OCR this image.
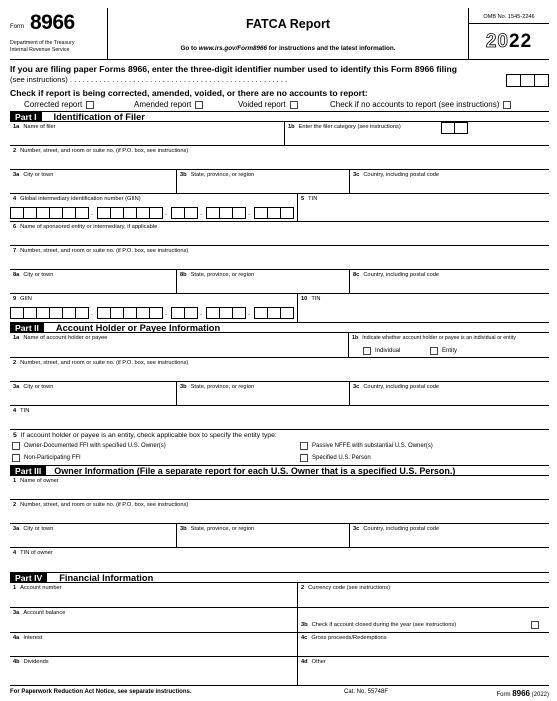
Form 8966
Department of the Treasury
Internal Revenue Service
FATCA Report
Go to www.irs.gov/Form8966 for instructions and the latest information.
OMB No. 1545-2246
2022
If you are filing paper Forms 8966, enter the three-digit identifier number used to identify this Form 8966 filing
(see instructions) . . . . . . . . . . . . . . . . . . . . . . . . . . . . . . . . . . . . . . . . . . . . . . . . . . . .
Check if report is being corrected, amended, voided, or there are no accounts to report:
Corrected report	Amended report	Voided report	Check if no accounts to report (see instructions)
Part I	Identification of Filer
1a Name of filer	1b Enter the filer category (see instructions)
2 Number, street, and room or suite no. (if P.O. box, see instructions)
3a City or town	3b State, province, or region	3c Country, including postal code
4 Global intermediary identification number (GIIN)	5 TIN
.	.	.	.
6 Name of sponsored entity or intermediary, if applicable
7 Number, street, and room or suite no. (if P.O. box, see instructions)
8a City or town	8b State, province, or region	8c Country, including postal code
9 GIIN	10 TIN
.	.	.	.
Part II	Account Holder or Payee Information
1a Name of account holder or payee	1b Indicate whether account holder or payee is an individual or entity
Individual	Entity
2 Number, street, and room or suite no. (if P.O. box, see instructions)
3a City or town	3b State, province, or region	3c Country, including postal code
4 TIN
5 If account holder or payee is an entity, check applicable box to specify the entity type:
Owner-Documented FFI with specified U.S. Owner(s)	Passive NFFE with substantial U.S. Owner(s)
Non-Participating FFI	Specified U.S. Person
Part III	Owner Information (File a separate report for each U.S. Owner that is a specified U.S. Person.)
1 Name of owner
2 Number, street, and room or suite no. (if P.O. box, see instructions)
3a City or town	3b State, province, or region	3c Country, including postal code
4 TIN of owner
Part IV	Financial Information
1 Account number	2 Currency code (see instructions)
3a Account balance
3b Check if account closed during the year (see instructions)
4a Interest	4c Gross proceeds/Redemptions
4b Dividends	4d Other
For Paperwork Reduction Act Notice, see separate instructions.	Cat. No. 55748F	Form 8966 (2022)
